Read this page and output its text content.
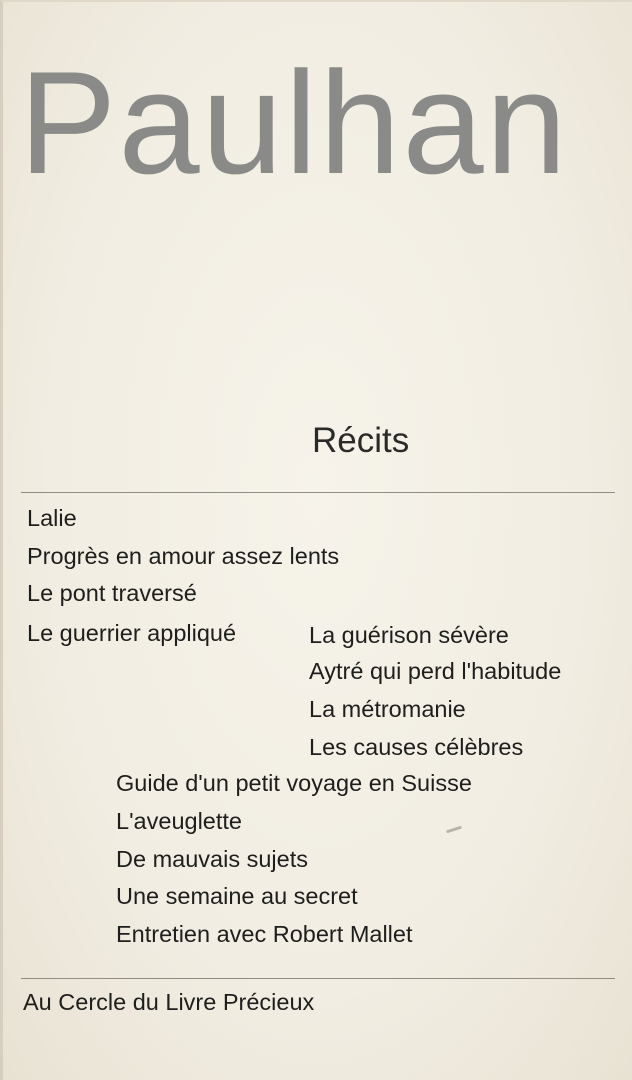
Paulhan
Récits

Lalie

Progrès en amour assez lents

Le pont traversé

Le guerrier appliqué	La guérison sévère

Aytré qui perd l'habitude

La métromanie

Les causes célèbres

Guide d'un petit voyage en Suisse

L'aveuglette

De mauvais sujets

Une semaine au secret

Entretien avec Robert Mallet

Au Cercle du Livre Précieux
